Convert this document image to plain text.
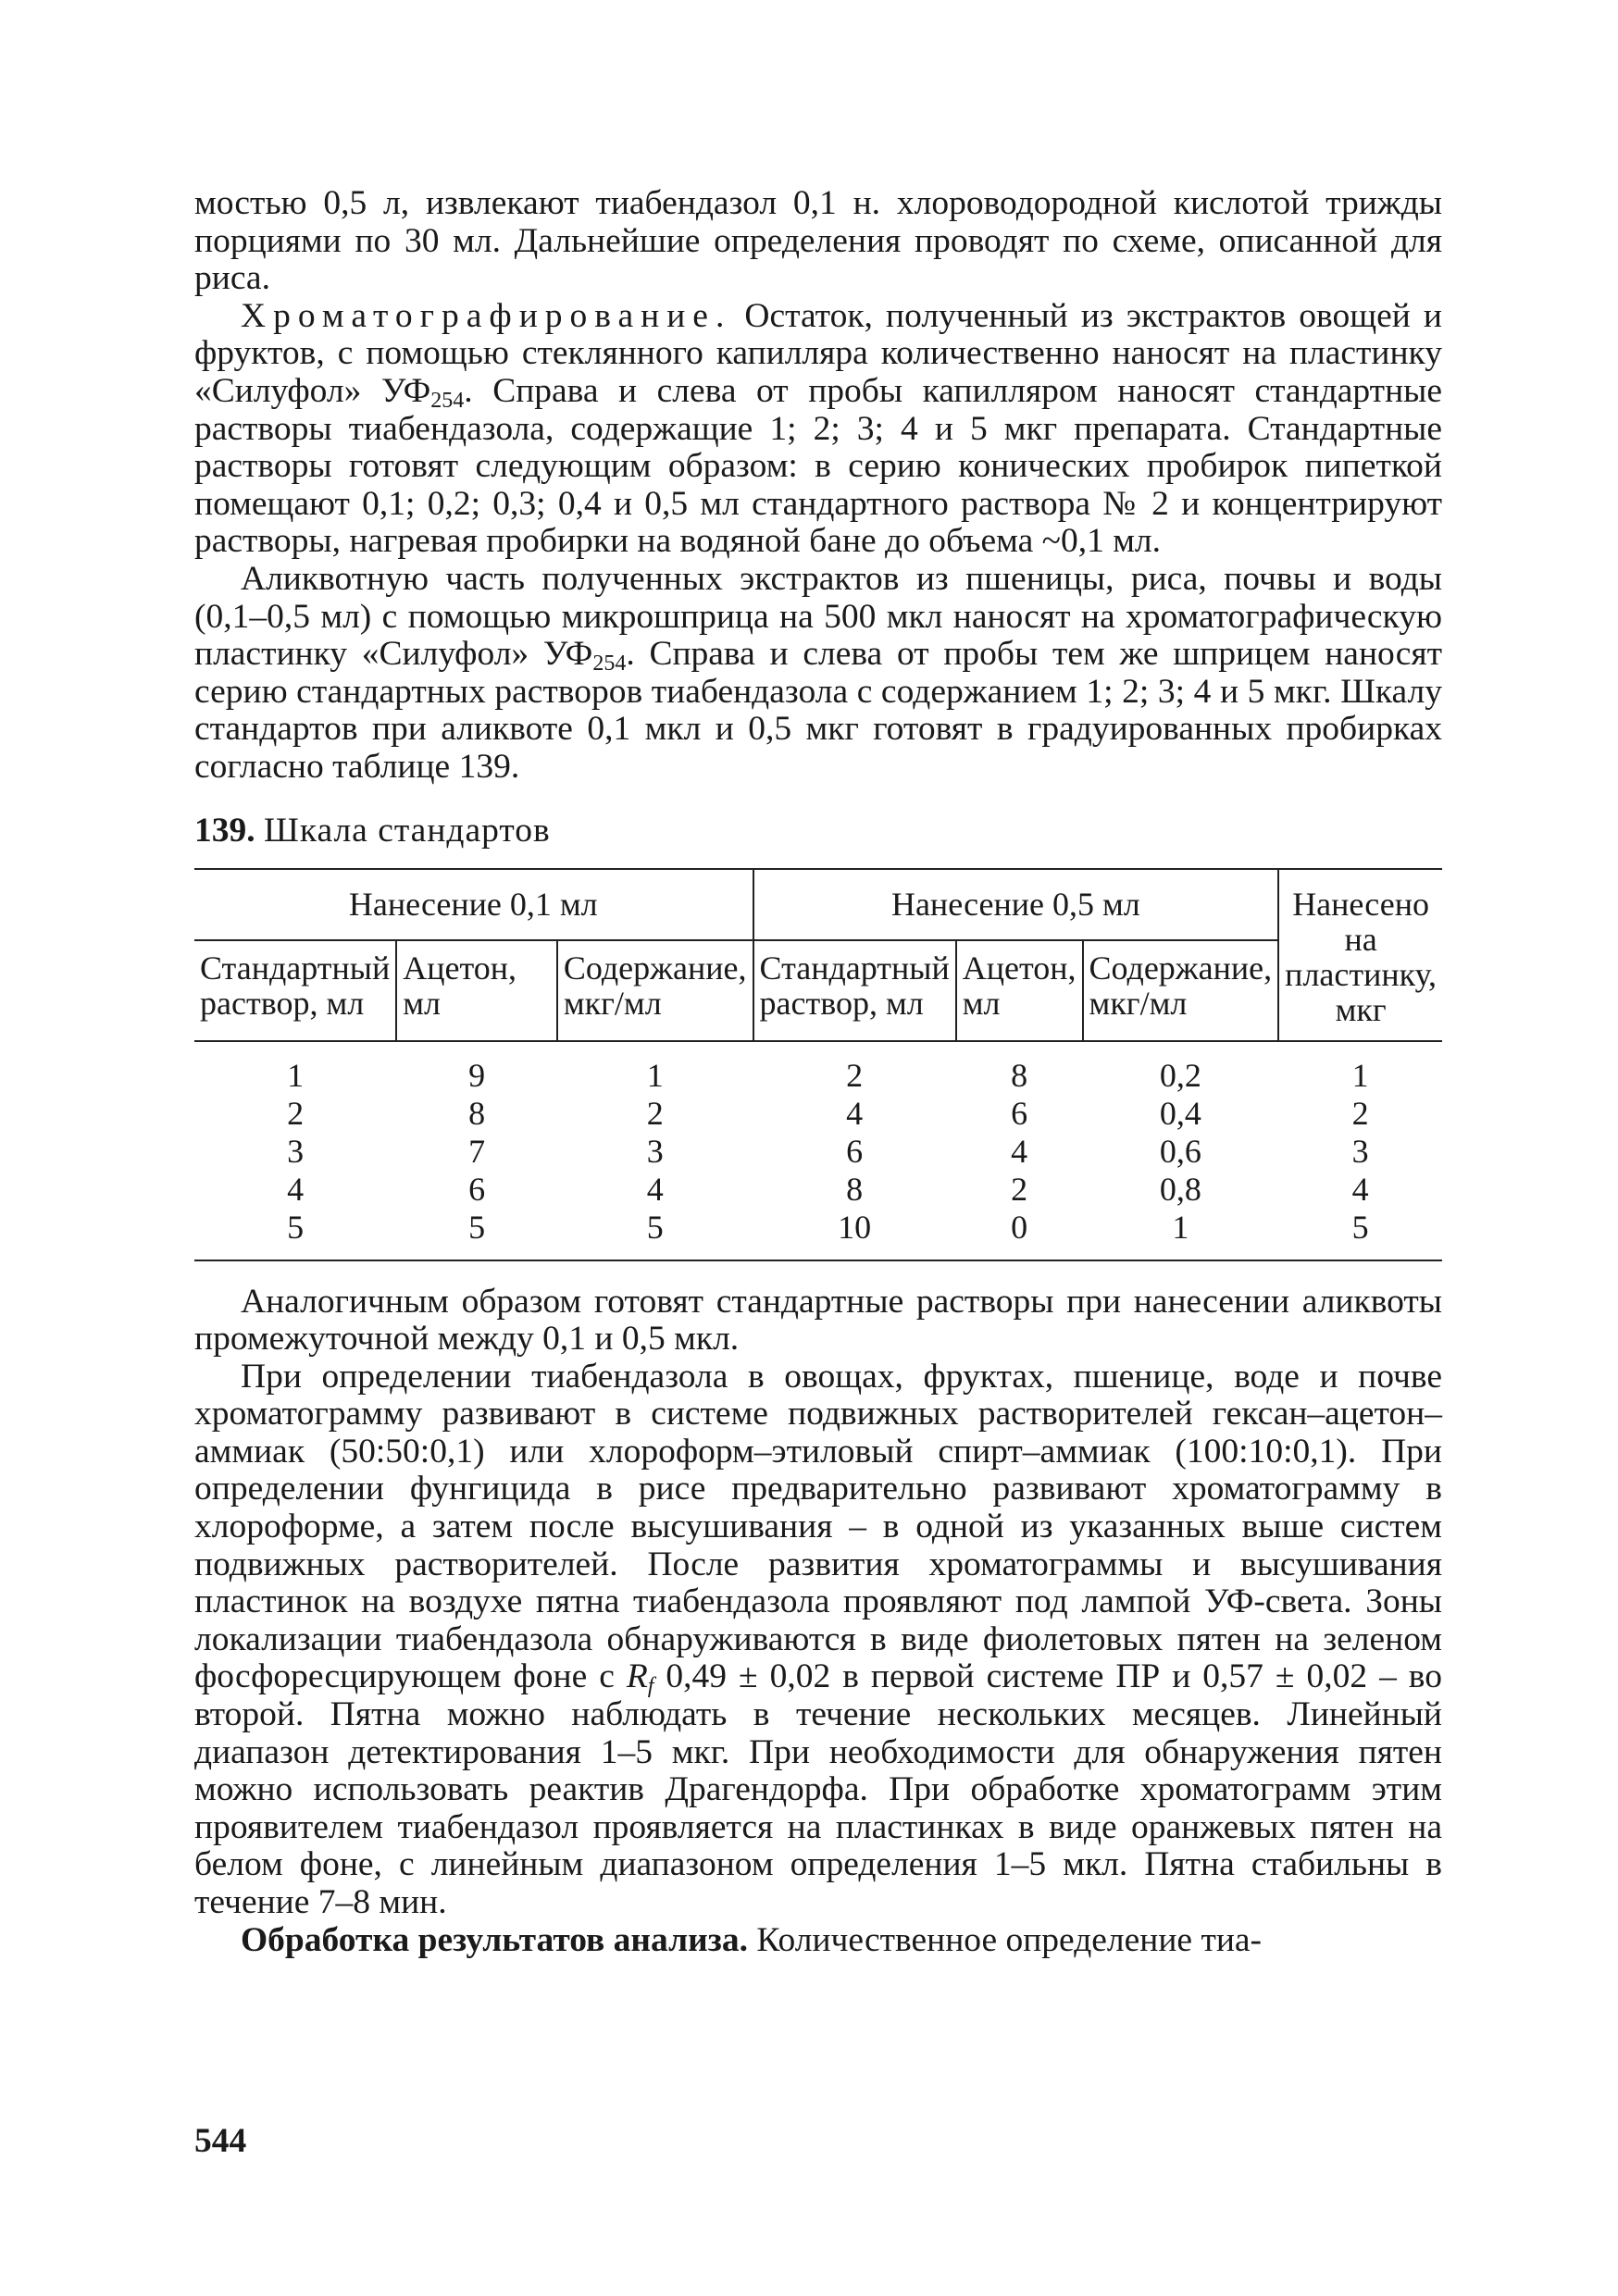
мостью 0,5 л, извлекают тиабендазол 0,1 н. хлороводородной кислотой трижды порциями по 30 мл. Дальнейшие определения проводят по схеме, описанной для риса.

Хроматографирование. Остаток, полученный из экстрактов овощей и фруктов, с помощью стеклянного капилляра количественно наносят на пластинку «Силуфол» $УФ_{254}$. Справа и слева от пробы капилляром наносят стандартные растворы тиабендазола, содержащие 1; 2; 3; 4 и 5 мкг препарата. Стандартные растворы готовят следующим образом: в серию конических пробирок пипеткой помещают 0,1; 0,2; 0,3; 0,4 и 0,5 мл стандартного раствора № 2 и концентрируют растворы, нагревая пробирки на водяной бане до объема ~0,1 мл.

Аликвотную часть полученных экстрактов из пшеницы, риса, почвы и воды (0,1–0,5 мл) с помощью микрошприца на 500 мкл наносят на хроматографическую пластинку «Силуфол» $УФ_{254}$. Справа и слева от пробы тем же шприцем наносят серию стандартных растворов тиабендазола с содержанием 1; 2; 3; 4 и 5 мкг. Шкалу стандартов при аликвоте 0,1 мкл и 0,5 мкг готовят в градуированных пробирках согласно таблице 139.

139. Шкала стандартов
Нанесение 0,1 мл			Нанесение 0,5 мл			Нанесено на пластинку, мкг
Стандартный раствор, мл	Ацетон, мл	Содержание, мкг/мл	Стандартный раствор, мл	Ацетон, мл	Содержание, мкг/мл	
1	9	1	2	8	0,2	1
2	8	2	4	6	0,4	2
3	7	3	6	4	0,6	3
4	6	4	8	2	0,8	4
5	5	5	10	0	1	5

Аналогичным образом готовят стандартные растворы при нанесении аликвоты промежуточной между 0,1 и 0,5 мкл.

При определении тиабендазола в овощах, фруктах, пшенице, воде и почве хроматограмму развивают в системе подвижных растворителей гексан–ацетон–аммиак (50:50:0,1) или хлороформ–этиловый спирт–аммиак (100:10:0,1). При определении фунгицида в рисе предварительно развивают хроматограмму в хлороформе, а затем после высушивания – в одной из указанных выше систем подвижных растворителей. После развития хроматограммы и высушивания пластинок на воздухе пятна тиабендазола проявляют под лампой УФ-света. Зоны локализации тиабендазола обнаруживаются в виде фиолетовых пятен на зеленом фосфоресцирующем фоне с $R_f$ 0,49 ± 0,02 в первой системе ПР и 0,57 ± 0,02 – во второй. Пятна можно наблюдать в течение нескольких месяцев. Линейный диапазон детектирования 1–5 мкг. При необходимости для обнаружения пятен можно использовать реактив Драгендорфа. При обработке хроматограмм этим проявителем тиабендазол проявляется на пластинках в виде оранжевых пятен на белом фоне, с линейным диапазоном определения 1–5 мкл. Пятна стабильны в течение 7–8 мин.

Обработка результатов анализа. Количественное определение тиа-

544
